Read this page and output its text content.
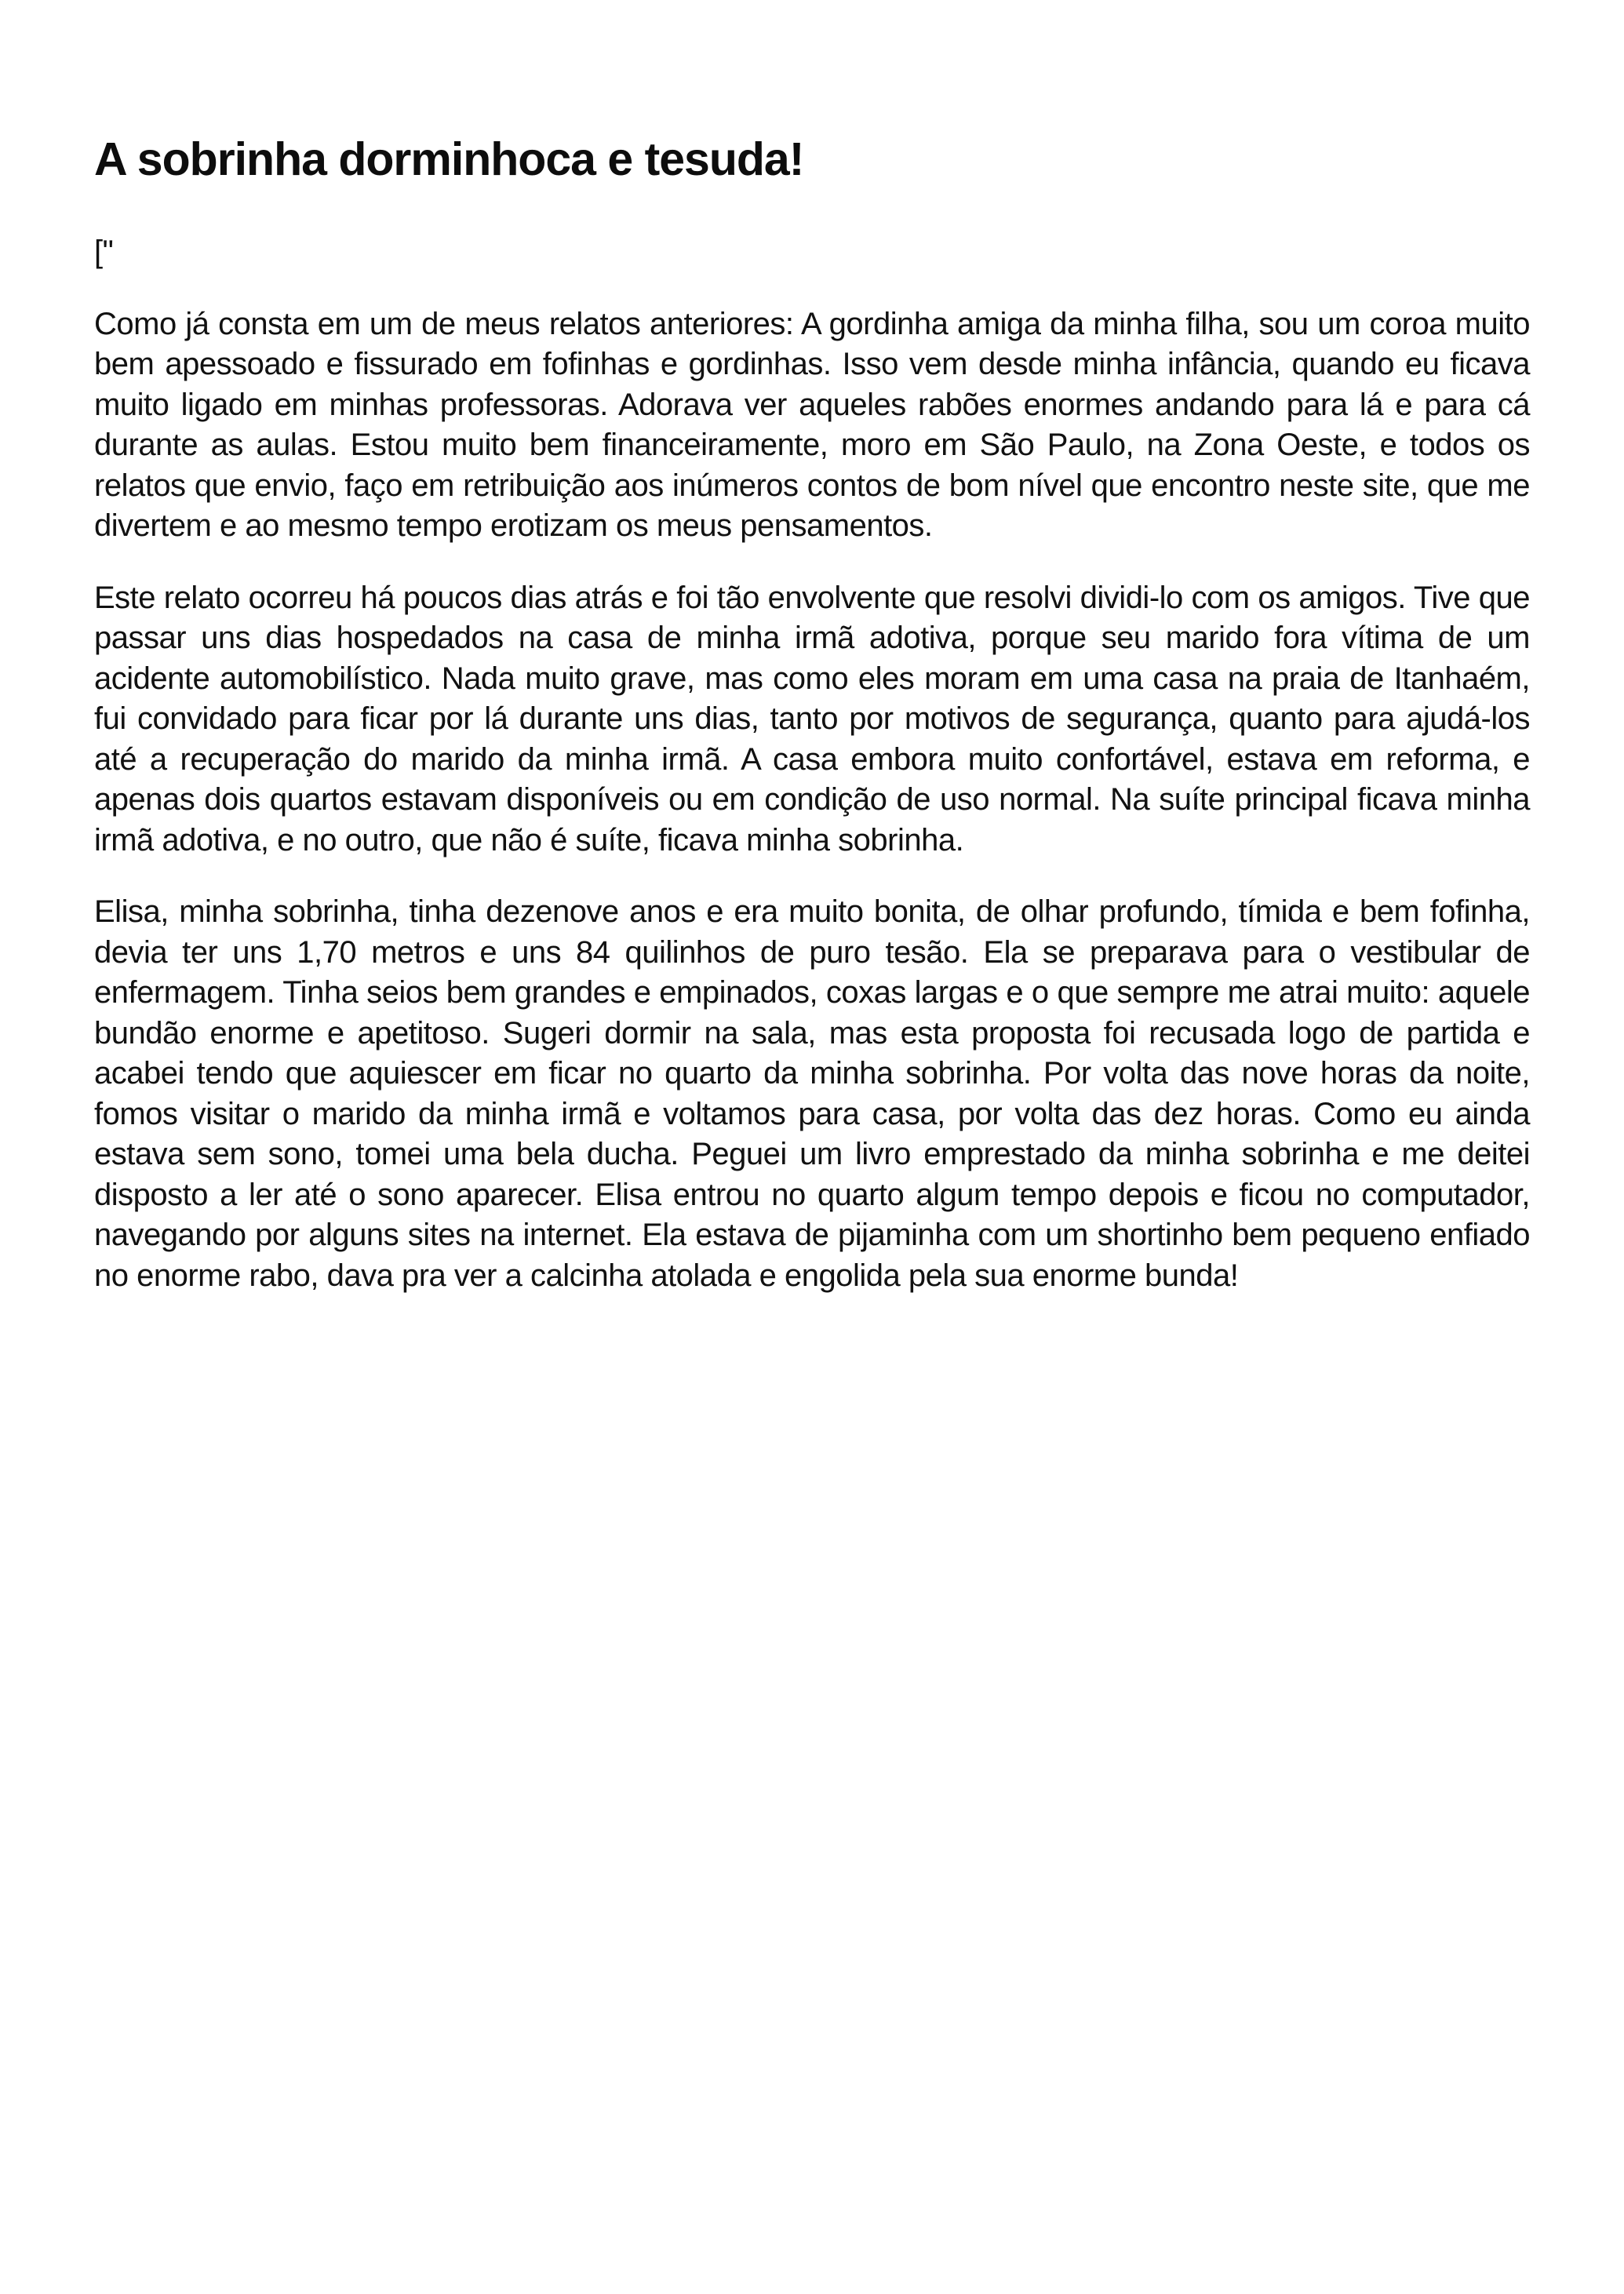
A sobrinha dorminhoca e tesuda!

["

Como já consta em um de meus relatos anteriores: A gordinha amiga da minha filha, sou um coroa muito bem apessoado e fissurado em fofinhas e gordinhas. Isso vem desde minha infância, quando eu ficava muito ligado em minhas professoras. Adorava ver aqueles rabões enormes andando para lá e para cá durante as aulas. Estou muito bem financeiramente, moro em São Paulo, na Zona Oeste, e todos os relatos que envio, faço em retribuição aos inúmeros contos de bom nível que encontro neste site, que me divertem e ao mesmo tempo erotizam os meus pensamentos.

Este relato ocorreu há poucos dias atrás e foi tão envolvente que resolvi dividi-lo com os amigos. Tive que passar uns dias hospedados na casa de minha irmã adotiva, porque seu marido fora vítima de um acidente automobilístico. Nada muito grave, mas como eles moram em uma casa na praia de Itanhaém, fui convidado para ficar por lá durante uns dias, tanto por motivos de segurança, quanto para ajudá-los até a recuperação do marido da minha irmã. A casa embora muito confortável, estava em reforma, e apenas dois quartos estavam disponíveis ou em condição de uso normal. Na suíte principal ficava minha irmã adotiva, e no outro, que não é suíte, ficava minha sobrinha.

Elisa, minha sobrinha, tinha dezenove anos e era muito bonita, de olhar profundo, tímida e bem fofinha, devia ter uns 1,70 metros e uns 84 quilinhos de puro tesão. Ela se preparava para o vestibular de enfermagem. Tinha seios bem grandes e empinados, coxas largas e o que sempre me atrai muito: aquele bundão enorme e apetitoso. Sugeri dormir na sala, mas esta proposta foi recusada logo de partida e acabei tendo que aquiescer em ficar no quarto da minha sobrinha. Por volta das nove horas da noite, fomos visitar o marido da minha irmã e voltamos para casa, por volta das dez horas. Como eu ainda estava sem sono, tomei uma bela ducha. Peguei um livro emprestado da minha sobrinha e me deitei disposto a ler até o sono aparecer. Elisa entrou no quarto algum tempo depois e ficou no computador, navegando por alguns sites na internet. Ela estava de pijaminha com um shortinho bem pequeno enfiado no enorme rabo, dava pra ver a calcinha atolada e engolida pela sua enorme bunda!
